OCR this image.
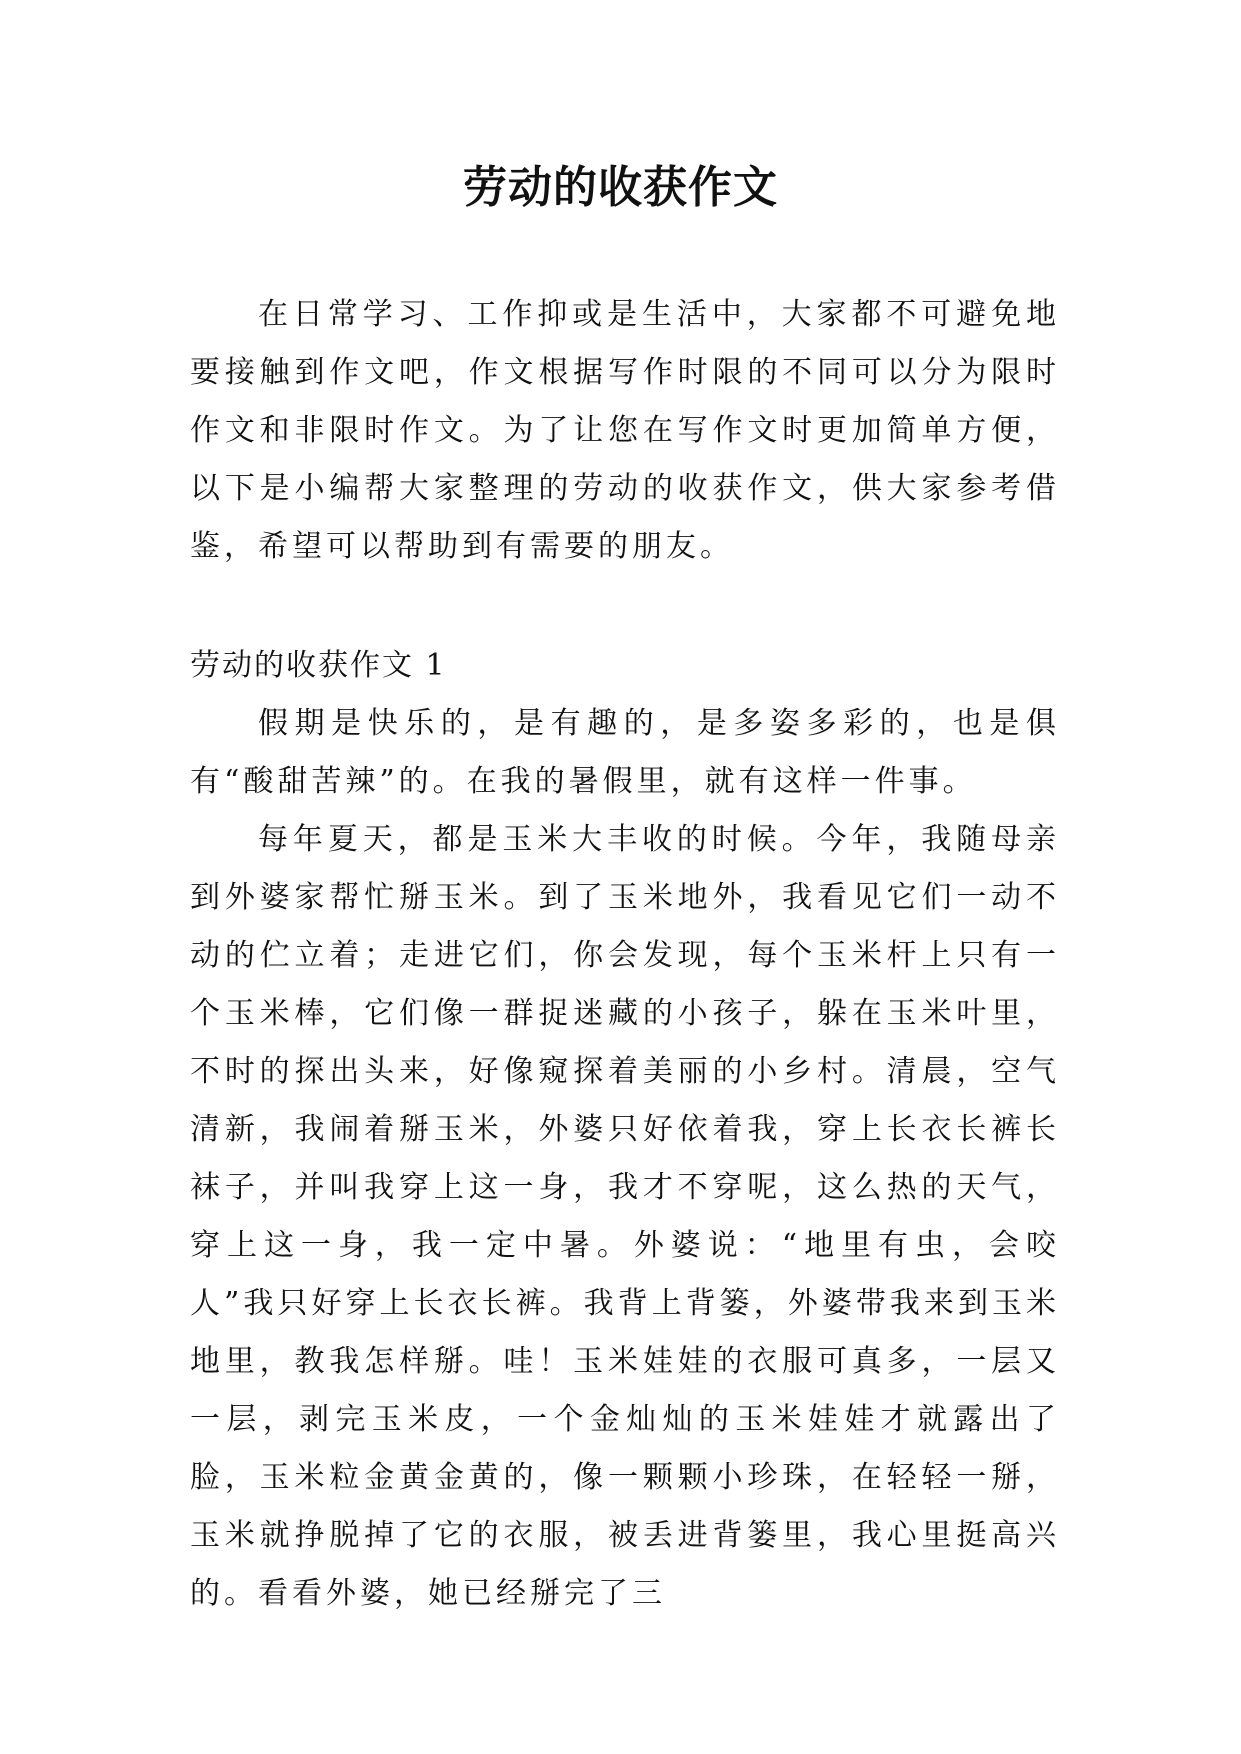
劳动的收获作文

在日常学习、工作抑或是生活中，大家都不可避免地要接触到作文吧，作文根据写作时限的不同可以分为限时作文和非限时作文。为了让您在写作文时更加简单方便，以下是小编帮大家整理的劳动的收获作文，供大家参考借鉴，希望可以帮助到有需要的朋友。

劳动的收获作文 1

假期是快乐的，是有趣的，是多姿多彩的，也是俱有“酸甜苦辣”的。在我的暑假里，就有这样一件事。

每年夏天，都是玉米大丰收的时候。今年，我随母亲到外婆家帮忙掰玉米。到了玉米地外，我看见它们一动不动的伫立着；走进它们，你会发现，每个玉米杆上只有一个玉米棒，它们像一群捉迷藏的小孩子，躲在玉米叶里，不时的探出头来，好像窥探着美丽的小乡村。清晨，空气清新，我闹着掰玉米，外婆只好依着我，穿上长衣长裤长袜子，并叫我穿上这一身，我才不穿呢，这么热的天气，穿上这一身，我一定中暑。外婆说：“地里有虫，会咬人”我只好穿上长衣长裤。我背上背篓，外婆带我来到玉米地里，教我怎样掰。哇！玉米娃娃的衣服可真多，一层又一层，剥完玉米皮，一个金灿灿的玉米娃娃才就露出了脸，玉米粒金黄金黄的，像一颗颗小珍珠，在轻轻一掰，玉米就挣脱掉了它的衣服，被丢进背篓里，我心里挺高兴的。看看外婆，她已经掰完了三
